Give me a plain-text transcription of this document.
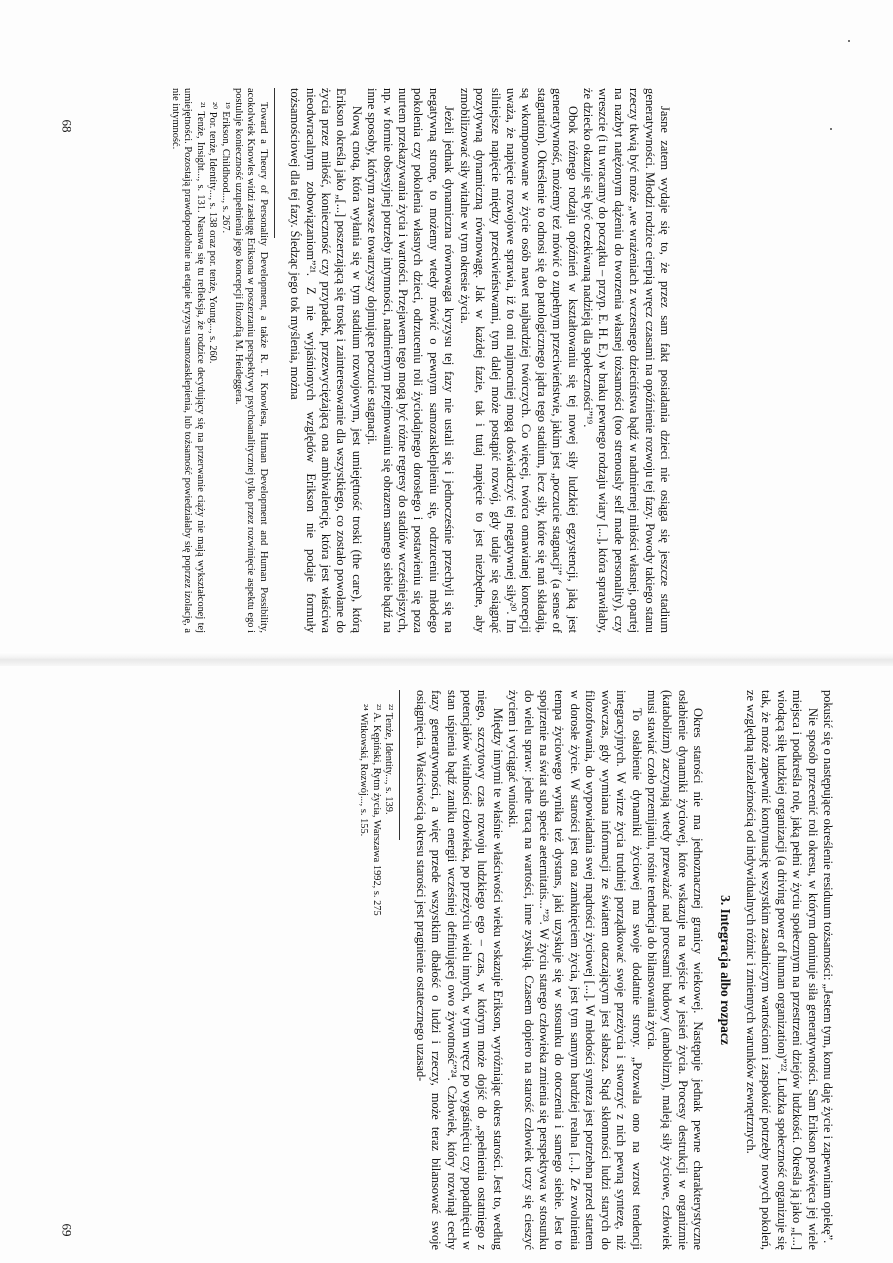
Jasne zatem wydaje się to, że przez sam fakt posiadania dzieci nie osiąga się jeszcze stadium generatywności. Młodzi rodzice cierpią wręcz czasami na opóźnienie rozwoju tej fazy. Powody takiego stanu rzeczy tkwią być może „we wrażeniach z wczesnego dzieciństwa bądź w nadmiernej miłości własnej, opartej na nazbyt natężonym dążeniu do tworzenia własnej tożsamości (too strenously self made personality), czy wreszcie (i tu wracamy do początku – przyp. E. H. E.) w braku pewnego rodzaju wiary [...], która sprawiłaby, że dziecko okazuje się być oczekiwaną nadzieją dla społeczności”¹⁹.

Obok różnego rodzaju opóźnień w kształtowaniu się tej nowej siły ludzkiej egzystencji, jaką jest generatywność, możemy też mówić o zupełnym przeciwieństwie, jakim jest „poczucie stagnacji” (a sense of stagnation). Określenie to odnosi się do patologicznego jądra tego stadium, lecz siły, które się nań składają, są wkomponowane w życie osób nawet najbardziej twórczych. Co więcej, twórca omawianej koncepcji uważa, że napięcie rozwojowe sprawia, iż to oni najmocniej mogą doświadczyć tej negatywnej siły²⁰. Im silniejsze napięcie między przeciwieństwami, tym dalej może postąpić rozwój, gdy udaje się osiągnąć pozytywną dynamiczną równowagę. Jak w każdej fazie, tak i tutaj napięcie to jest niezbędne, aby zmobilizować siły witalne w tym okresie życia.

Jeżeli jednak dynamiczna równowaga kryzysu tej fazy nie ustali się i jednocześnie przechyli się na negatywną stronę, to możemy wtedy mówić o pewnym samozaskleplieniu się, odrzuceniu młodego pokolenia czy pokolenia własnych dzieci, odrzuceniu roli życiodajnego dorosłego i postawieniu się poza nurtem przekazywania życia i wartości. Przejawem tego mogą być różne regresy do stadiów wcześniejszych, np. w formie obsesyjnej potrzeby intymności, nadmiernym przejmowaniu się obrazem samego siebie bądź na inne sposoby, którym zawsze towarzyszy dojmujące poczucie stagnacji.

Nową cnotą, która wyłania się w tym stadium rozwojowym, jest umiejętność troski (the care), którą Erikson określa jako „[...] poszerzającą się troskę i zainteresowanie dla wszystkiego, co zostało powołane do życia przez miłość, konieczność czy przypadek, przezwyciężającą ona ambiwalencję, która jest właściwa nieodwracalnym zobowiązaniom”²¹. Z nie wyjaśnionych względów Erikson nie podaje formuły tożsamościowej dla tej fazy. Śledząc jego tok myślenia, można

Toward a Theory of Personality Development, a także R. T. Knowlesa, Human Development and Human Possibility, acokolwiek Knowles widzi zasługę Eriksona w poszerzaniu perspektywy psychoanalitycznej tylko przez rozwinięcie aspektu ego i postuluje konieczność uzupełnienia jego koncepcji filozofią M. Heideggera.

¹⁹ Erikson, Childhood..., s. 267.

²⁰ Por. tenże, Identity..., s. 138 oraz por. tenże, Young..., s. 260.

²¹ Tenże, Insight..., s. 131. Nasuwa się tu refleksja, że rodzice decydujący się na przerwanie ciąży nie mają wykształconej tej umiejętności. Pozostają prawdopodobnie na etapie kryzysu samozasklepienia, lub tożsamość powiedziałaby się poprzez izolację, a nie intymność.

68

pokusić się o następujące określenie residuum tożsamości: „Jestem tym, komu daję życie i zapewniam opiekę”.

Nie sposób przecenić roli okresu, w którym dominuje siła generatywności. Sam Erikson poświęca jej wiele miejsca i podkreśla rolę, jaką pełni w życiu społecznym na przestrzeni dziejów ludzkości. Określa ją jako „[...] wiodącą siłę ludzkiej organizacji (a driving power of human organization)”²². Ludzka społeczność organizuje się tak, że może zapewnić kontynuację wszystkim zasadniczym wartościom i zaspokoić potrzeby nowych pokoleń, ze względną niezależnością od indywidualnych różnic i zmiennych warunków zewnętrznych.

3. Integracja albo rozpacz

Okres starości nie ma jednoznacznej granicy wiekowej. Następuje jednak pewne charakterystyczne osłabienie dynamiki życiowej, które wskazuje na wejście w jesień życia. Procesy destrukcji w organizmie (katabolizm) zaczynają wtedy przeważać nad procesami budowy (anabolizm), maleją siły życiowe, człowiek musi stawiać czoło przemijaniu, rośnie tendencja do bilansowania życia.

To osłabienie dynamiki życiowej ma swoje dodatnie strony. „Pozwala ono na wzrost tendencji integracyjnych. W wirze życia trudniej porządkować swoje przeżycia i stworzyć z nich pewną syntezę, niż wówczas, gdy wymiana informacji ze światem otaczającym jest słabsza. Stąd skłonności ludzi starych do filozofowania, do wypowiadania swej mądrości życiowej [...]. W młodości synteza jest potrzebna przed startem w dorosłe życie. W starości jest ona zamknięciem życia, jest tym samym bardziej realna [...]. Ze zwolnienia tempa życiowego wynika też dystans, jaki uzyskuje się w stosunku do otoczenia i samego siebie. Jest to spojrzenie na świat sub specie aeternitatis...”²³. W życiu starego człowieka zmienia się perspektywa w stosunku do wielu spraw: jedne tracą na wartości, inne zyskują. Czasem dopiero na starość człowiek uczy się cieszyć życiem i wyciągać wnioski.

Między innymi te właśnie właściwości wieku wskazuje Erikson, wyróżniając okres starości. Jest to, według niego, szczytowy czas rozwoju ludzkiego ego – czas, w którym może dojść do „spełnienia ostatniego z potencjałów witalności człowieka, po przeżyciu wielu innych, w tym wręcz po wygaśnięciu czy popadnięciu w stan uśpienia bądź zaniku energii wcześniej definiującej owo żywotność”²⁴. Człowiek, który rozwinął cechy fazy generatywności, a więc przede wszystkim dbałość o ludzi i rzeczy, może teraz bilansować swoje osiągnięcia. Właściwością okresu starości jest pragnienie ostatecznego uzasad-

²² Tenże, Identity..., s. 139.

²³ A. Kępiński, Rytm życia, Warszawa 1992, s. 275

²⁴ Witkowski, Rozwój..., s. 155.

69
